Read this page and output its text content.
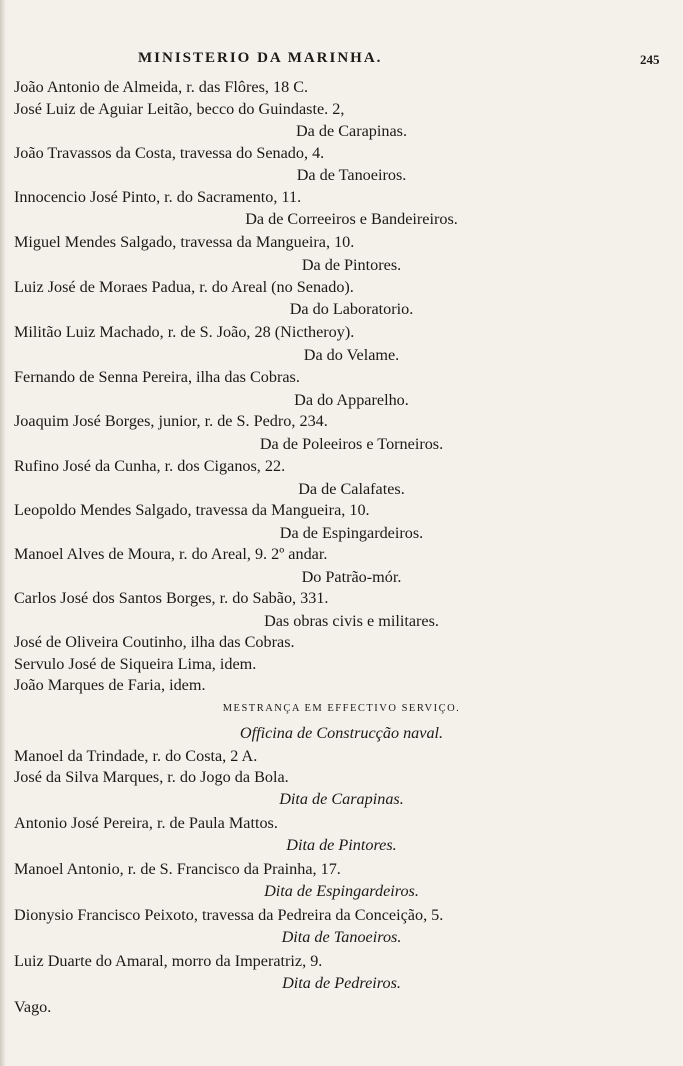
MINISTERIO DA MARINHA.	245
João Antonio de Almeida, r. das Flôres, 18 C.
José Luiz de Aguiar Leitão, becco do Guindaste. 2,
Da de Carapinas.
João Travassos da Costa, travessa do Senado, 4.
Da de Tanoeiros.
Innocencio José Pinto, r. do Sacramento, 11.
Da de Correeiros e Bandeireiros.
Miguel Mendes Salgado, travessa da Mangueira, 10.
Da de Pintores.
Luiz José de Moraes Padua, r. do Areal (no Senado).
Da do Laboratorio.
Militão Luiz Machado, r. de S. João, 28 (Nictheroy).
Da do Velame.
Fernando de Senna Pereira, ilha das Cobras.
Da do Apparelho.
Joaquim José Borges, junior, r. de S. Pedro, 234.
Da de Poleeiros e Torneiros.
Rufino José da Cunha, r. dos Ciganos, 22.
Da de Calafates.
Leopoldo Mendes Salgado, travessa da Mangueira, 10.
Da de Espingardeiros.
Manoel Alves de Moura, r. do Areal, 9. 2º andar.
Do Patrão-mór.
Carlos José dos Santos Borges, r. do Sabão, 331.
Das obras civis e militares.
José de Oliveira Coutinho, ilha das Cobras.
Servulo José de Siqueira Lima, idem.
João Marques de Faria, idem.
MESTRANÇA EM EFFECTIVO SERVIÇO.
Officina de Construcção naval.
Manoel da Trindade, r. do Costa, 2 A.
José da Silva Marques, r. do Jogo da Bola.
Dita de Carapinas.
Antonio José Pereira, r. de Paula Mattos.
Dita de Pintores.
Manoel Antonio, r. de S. Francisco da Prainha, 17.
Dita de Espingardeiros.
Dionysio Francisco Peixoto, travessa da Pedreira da Conceição, 5.
Dita de Tanoeiros.
Luiz Duarte do Amaral, morro da Imperatriz, 9.
Dita de Pedreiros.
Vago.
